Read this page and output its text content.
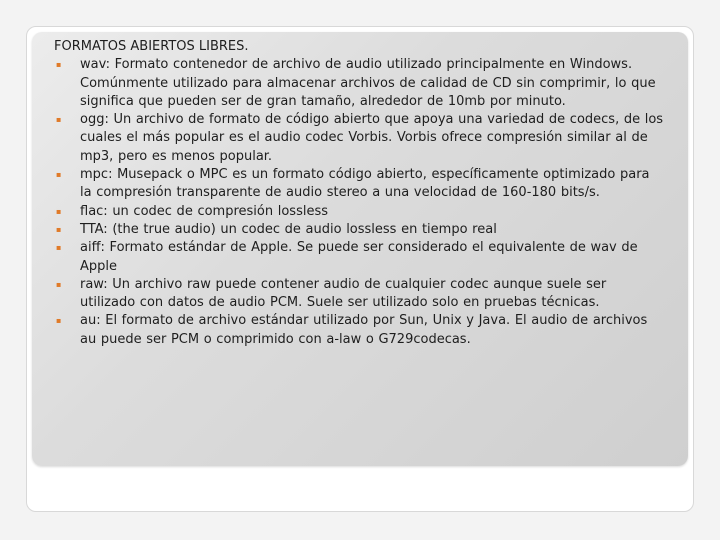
FORMATOS ABIERTOS LIBRES.

▪ wav: Formato contenedor de archivo de audio utilizado principalmente en Windows. Comúnmente utilizado para almacenar archivos de calidad de CD sin comprimir, lo que significa que pueden ser de gran tamaño, alrededor de 10mb por minuto.
▪ ogg: Un archivo de formato de código abierto que apoya una variedad de codecs, de los cuales el más popular es el audio codec Vorbis. Vorbis ofrece compresión similar al de mp3, pero es menos popular.
▪ mpc: Musepack o MPC es un formato código abierto, específicamente optimizado para la compresión transparente de audio stereo a una velocidad de 160-180 bits/s.
▪ flac: un codec de compresión lossless
▪ TTA: (the true audio) un codec de audio lossless en tiempo real
▪ aiff: Formato estándar de Apple. Se puede ser considerado el equivalente de wav de Apple
▪ raw: Un archivo raw puede contener audio de cualquier codec aunque suele ser utilizado con datos de audio PCM. Suele ser utilizado solo en pruebas técnicas.
▪ au: El formato de archivo estándar utilizado por Sun, Unix y Java. El audio de archivos au puede ser PCM o comprimido con a-law o G729codecas.
